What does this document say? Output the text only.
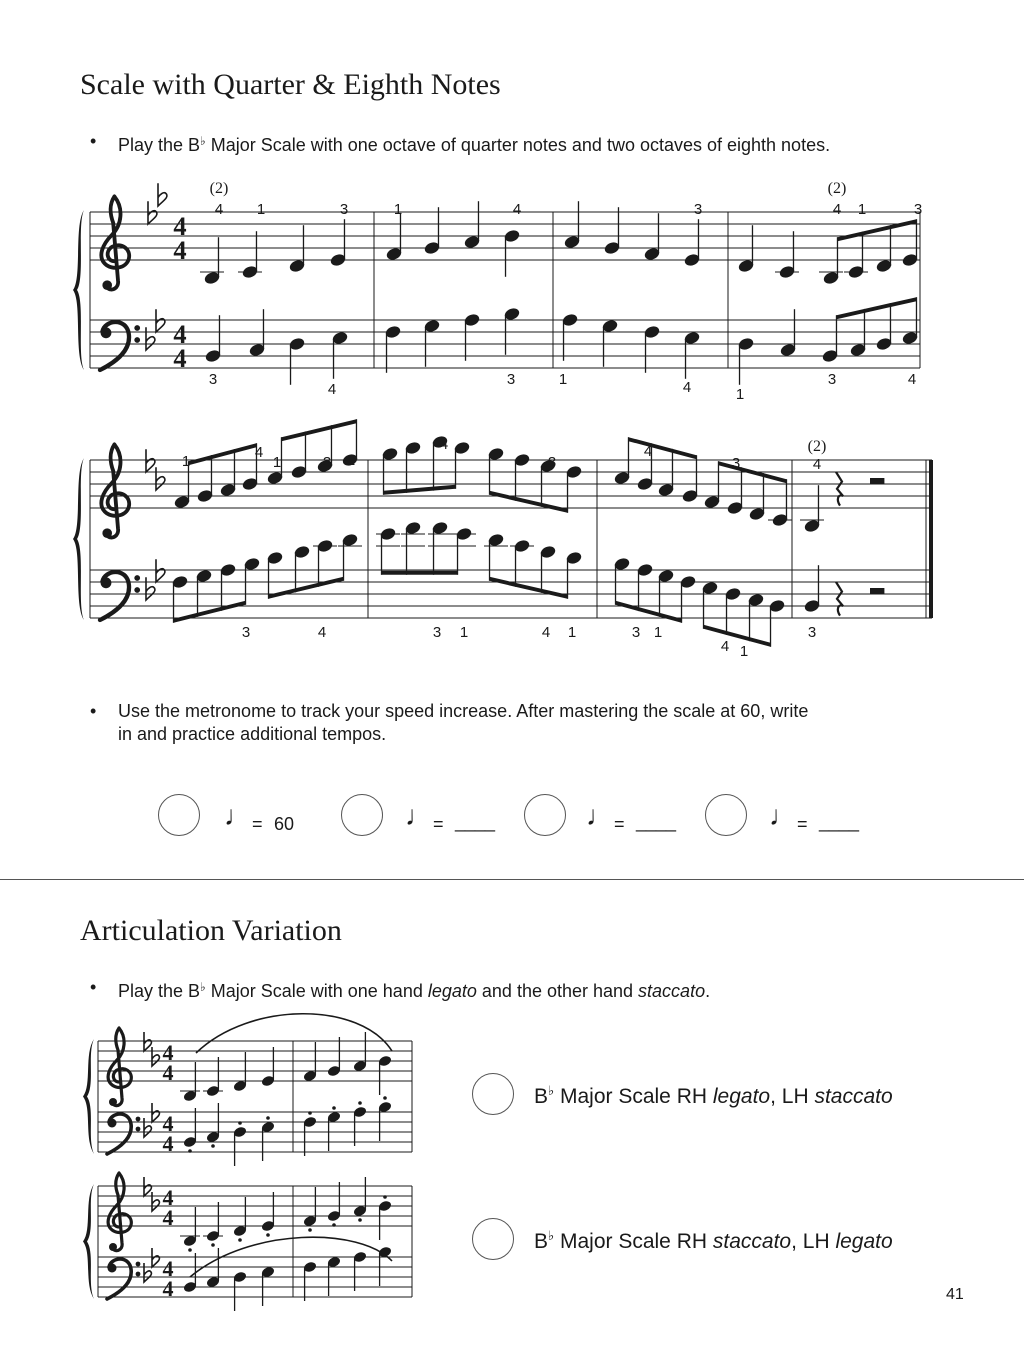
Scale with Quarter & Eighth Notes
• Play the B♭ Major Scale with one octave of quarter notes and two octaves of eighth notes.

4
4
4
4
4
4
4
4
4
4
4
4
(2)	(2)
4 1	3	1	4	3	4 1	3
3
4
3	1	4	1
3	4
(2)
1
4
1	3 1
4
3
4
3	4
3	4	3 1	4 1	3 1
4 1
3
• Use the metronome to track your speed increase. After mastering the scale at 60, write

in and practice additional tempos.

♩ = 60	♩ = ____	♩ = ____	♩ = ____
Articulation Variation
• Play the B♭ Major Scale with one hand legato and the other hand staccato.

B♭ Major Scale RH legato, LH staccato
B♭ Major Scale RH staccato, LH legato
41
